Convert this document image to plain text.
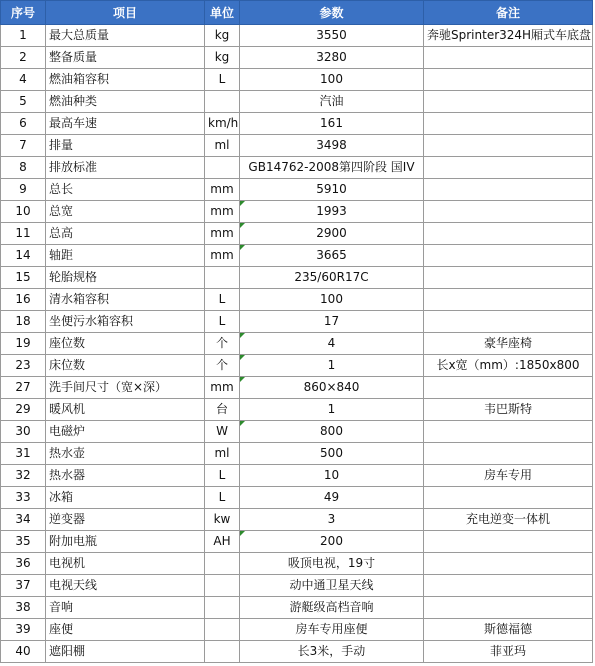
序号	项目	单位	参数	备注
1	最大总质量	kg	3550	奔驰Sprinter324H厢式车底盘
2	整备质量	kg	3280	
4	燃油箱容积	L	100	
5	燃油种类		汽油	
6	最高车速	km/h	161	
7	排量	ml	3498	
8	排放标准		GB14762-2008第四阶段 国IV	
9	总长	mm	5910	
10	总宽	mm	1993	
11	总高	mm	2900	
14	轴距	mm	3665	
15	轮胎规格		235/60R17C	
16	清水箱容积	L	100	
18	坐便污水箱容积	L	17	
19	座位数	个	4	豪华座椅
23	床位数	个	1	长x宽（mm）:1850x800
27	洗手间尺寸（宽×深）	mm	860×840	
29	暖风机	台	1	韦巴斯特
30	电磁炉	W	800	
31	热水壶	ml	500	
32	热水器	L	10	房车专用
33	冰箱	L	49	
34	逆变器	kw	3	充电逆变一体机
35	附加电瓶	AH	200	
36	电视机		吸顶电视，19寸	
37	电视天线		动中通卫星天线	
38	音响		游艇级高档音响	
39	座便		房车专用座便	斯德福德
40	遮阳棚		长3米，手动	菲亚玛
